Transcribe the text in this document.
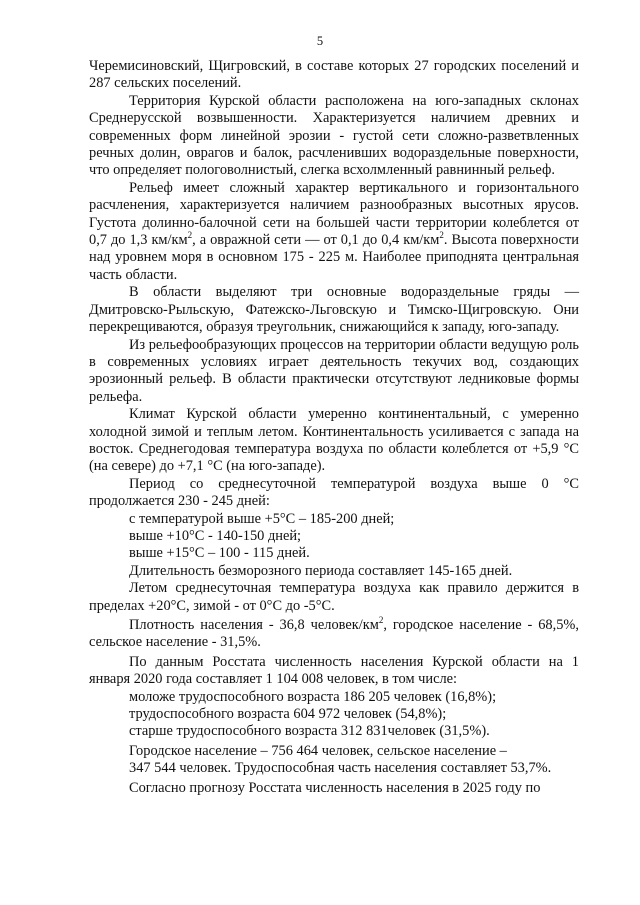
5

Черемисиновский, Щигровский, в составе которых 27 городских поселений и 287 сельских поселений.

Территория Курской области расположена на юго-западных склонах Среднерусской возвышенности. Характеризуется наличием древних и современных форм линейной эрозии - густой сети сложно-разветвленных речных долин, оврагов и балок, расчленивших водораздельные поверхности, что определяет пологоволнистый, слегка всхолмленный равнинный рельеф.

Рельеф имеет сложный характер вертикального и горизонтального расчленения, характеризуется наличием разнообразных высотных ярусов. Густота долинно-балочной сети на большей части территории колеблется от 0,7 до 1,3 $км/км^2$, а овражной сети — от 0,1 до 0,4 $км/км^2$. Высота поверхности над уровнем моря в основном 175 - 225 м. Наиболее приподнята центральная часть области.

В области выделяют три основные водораздельные гряды — Дмитровско-Рыльскую, Фатежско-Льговскую и Тимско-Щигровскую. Они перекрещиваются, образуя треугольник, снижающийся к западу, юго-западу.

Из рельефообразующих процессов на территории области ведущую роль в современных условиях играет деятельность текучих вод, создающих эрозионный рельеф. В области практически отсутствуют ледниковые формы рельефа.

Климат Курской области умеренно континентальный, с умеренно холодной зимой и теплым летом. Континентальность усиливается с запада на восток. Среднегодовая температура воздуха по области колеблется от +5,9 °С (на севере) до +7,1 °С (на юго-западе).

Период со среднесуточной температурой воздуха выше 0 °С продолжается 230 - 245 дней:

с температурой выше +5°С – 185-200 дней;

выше +10°С - 140-150 дней;

выше +15°С – 100 - 115 дней.

Длительность безморозного периода составляет 145-165 дней.

Летом среднесуточная температура воздуха как правило держится в пределах +20°С, зимой - от 0°С до -5°С.

Плотность населения - 36,8 человек/$км^2$, городское население - 68,5%, сельское население - 31,5%.

По данным Росстата численность населения Курской области на 1 января 2020 года составляет 1 104 008 человек, в том числе:

моложе трудоспособного возраста 186 205 человек (16,8%);

трудоспособного возраста 604 972 человек (54,8%);

старше трудоспособного возраста 312 831человек (31,5%).

Городское население – 756 464 человек, сельское население –

347 544 человек. Трудоспособная часть населения составляет 53,7%.

Согласно прогнозу Росстата численность населения в 2025 году по
